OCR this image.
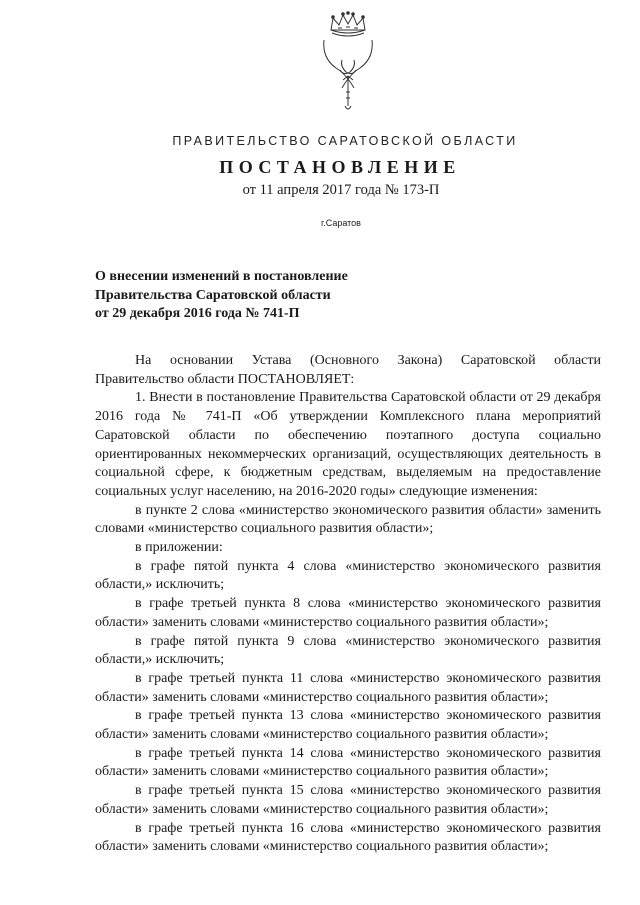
ПРАВИТЕЛЬСТВО САРАТОВСКОЙ ОБЛАСТИ
ПОСТАНОВЛЕНИЕ
от 11 апреля 2017 года № 173-П
г.Саратов
О внесении изменений в постановление
Правительства Саратовской области
от 29 декабря 2016 года № 741-П

На основании Устава (Основного Закона) Саратовской области Правительство области ПОСТАНОВЛЯЕТ:

1. Внести в постановление Правительства Саратовской области от 29 декабря 2016 года № 741-П «Об утверждении Комплексного плана мероприятий Саратовской области по обеспечению поэтапного доступа социально ориентированных некоммерческих организаций, осуществляющих деятельность в социальной сфере, к бюджетным средствам, выделяемым на предоставление социальных услуг населению, на 2016-2020 годы» следующие изменения:

в пункте 2 слова «министерство экономического развития области» заменить словами «министерство социального развития области»;

в приложении:

в графе пятой пункта 4 слова «министерство экономического развития области,» исключить;

в графе третьей пункта 8 слова «министерство экономического развития области» заменить словами «министерство социального развития области»;

в графе пятой пункта 9 слова «министерство экономического развития области,» исключить;

в графе третьей пункта 11 слова «министерство экономического развития области» заменить словами «министерство социального развития области»;

в графе третьей пункта 13 слова «министерство экономического развития области» заменить словами «министерство социального развития области»;

в графе третьей пункта 14 слова «министерство экономического развития области» заменить словами «министерство социального развития области»;

в графе третьей пункта 15 слова «министерство экономического развития области» заменить словами «министерство социального развития области»;

в графе третьей пункта 16 слова «министерство экономического развития области» заменить словами «министерство социального развития области»;
